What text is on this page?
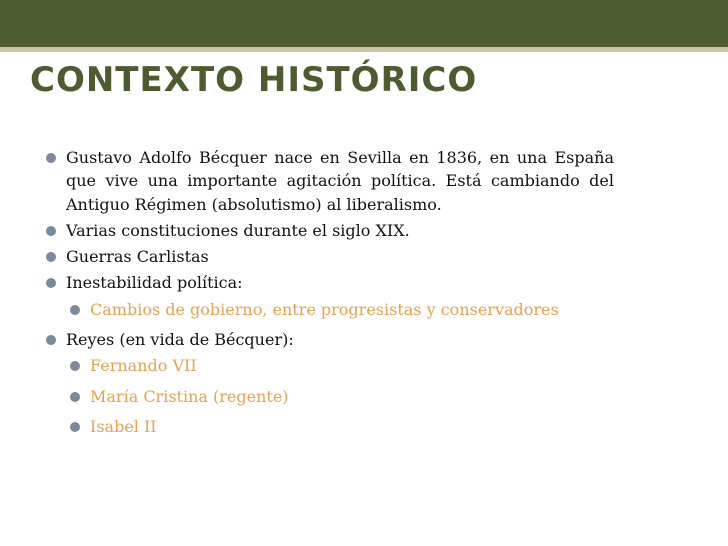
CONTEXTO HISTÓRICO
Gustavo Adolfo Bécquer nace en Sevilla en 1836, en una España que vive una importante agitación política. Está cambiando del Antiguo Régimen (absolutismo) al liberalismo.
Varias constituciones durante el siglo XIX.
Guerras Carlistas
Inestabilidad política:
Cambios de gobierno, entre progresistas y conservadores
Reyes (en vida de Bécquer):
Fernando VII
María Cristina (regente)
Isabel II
